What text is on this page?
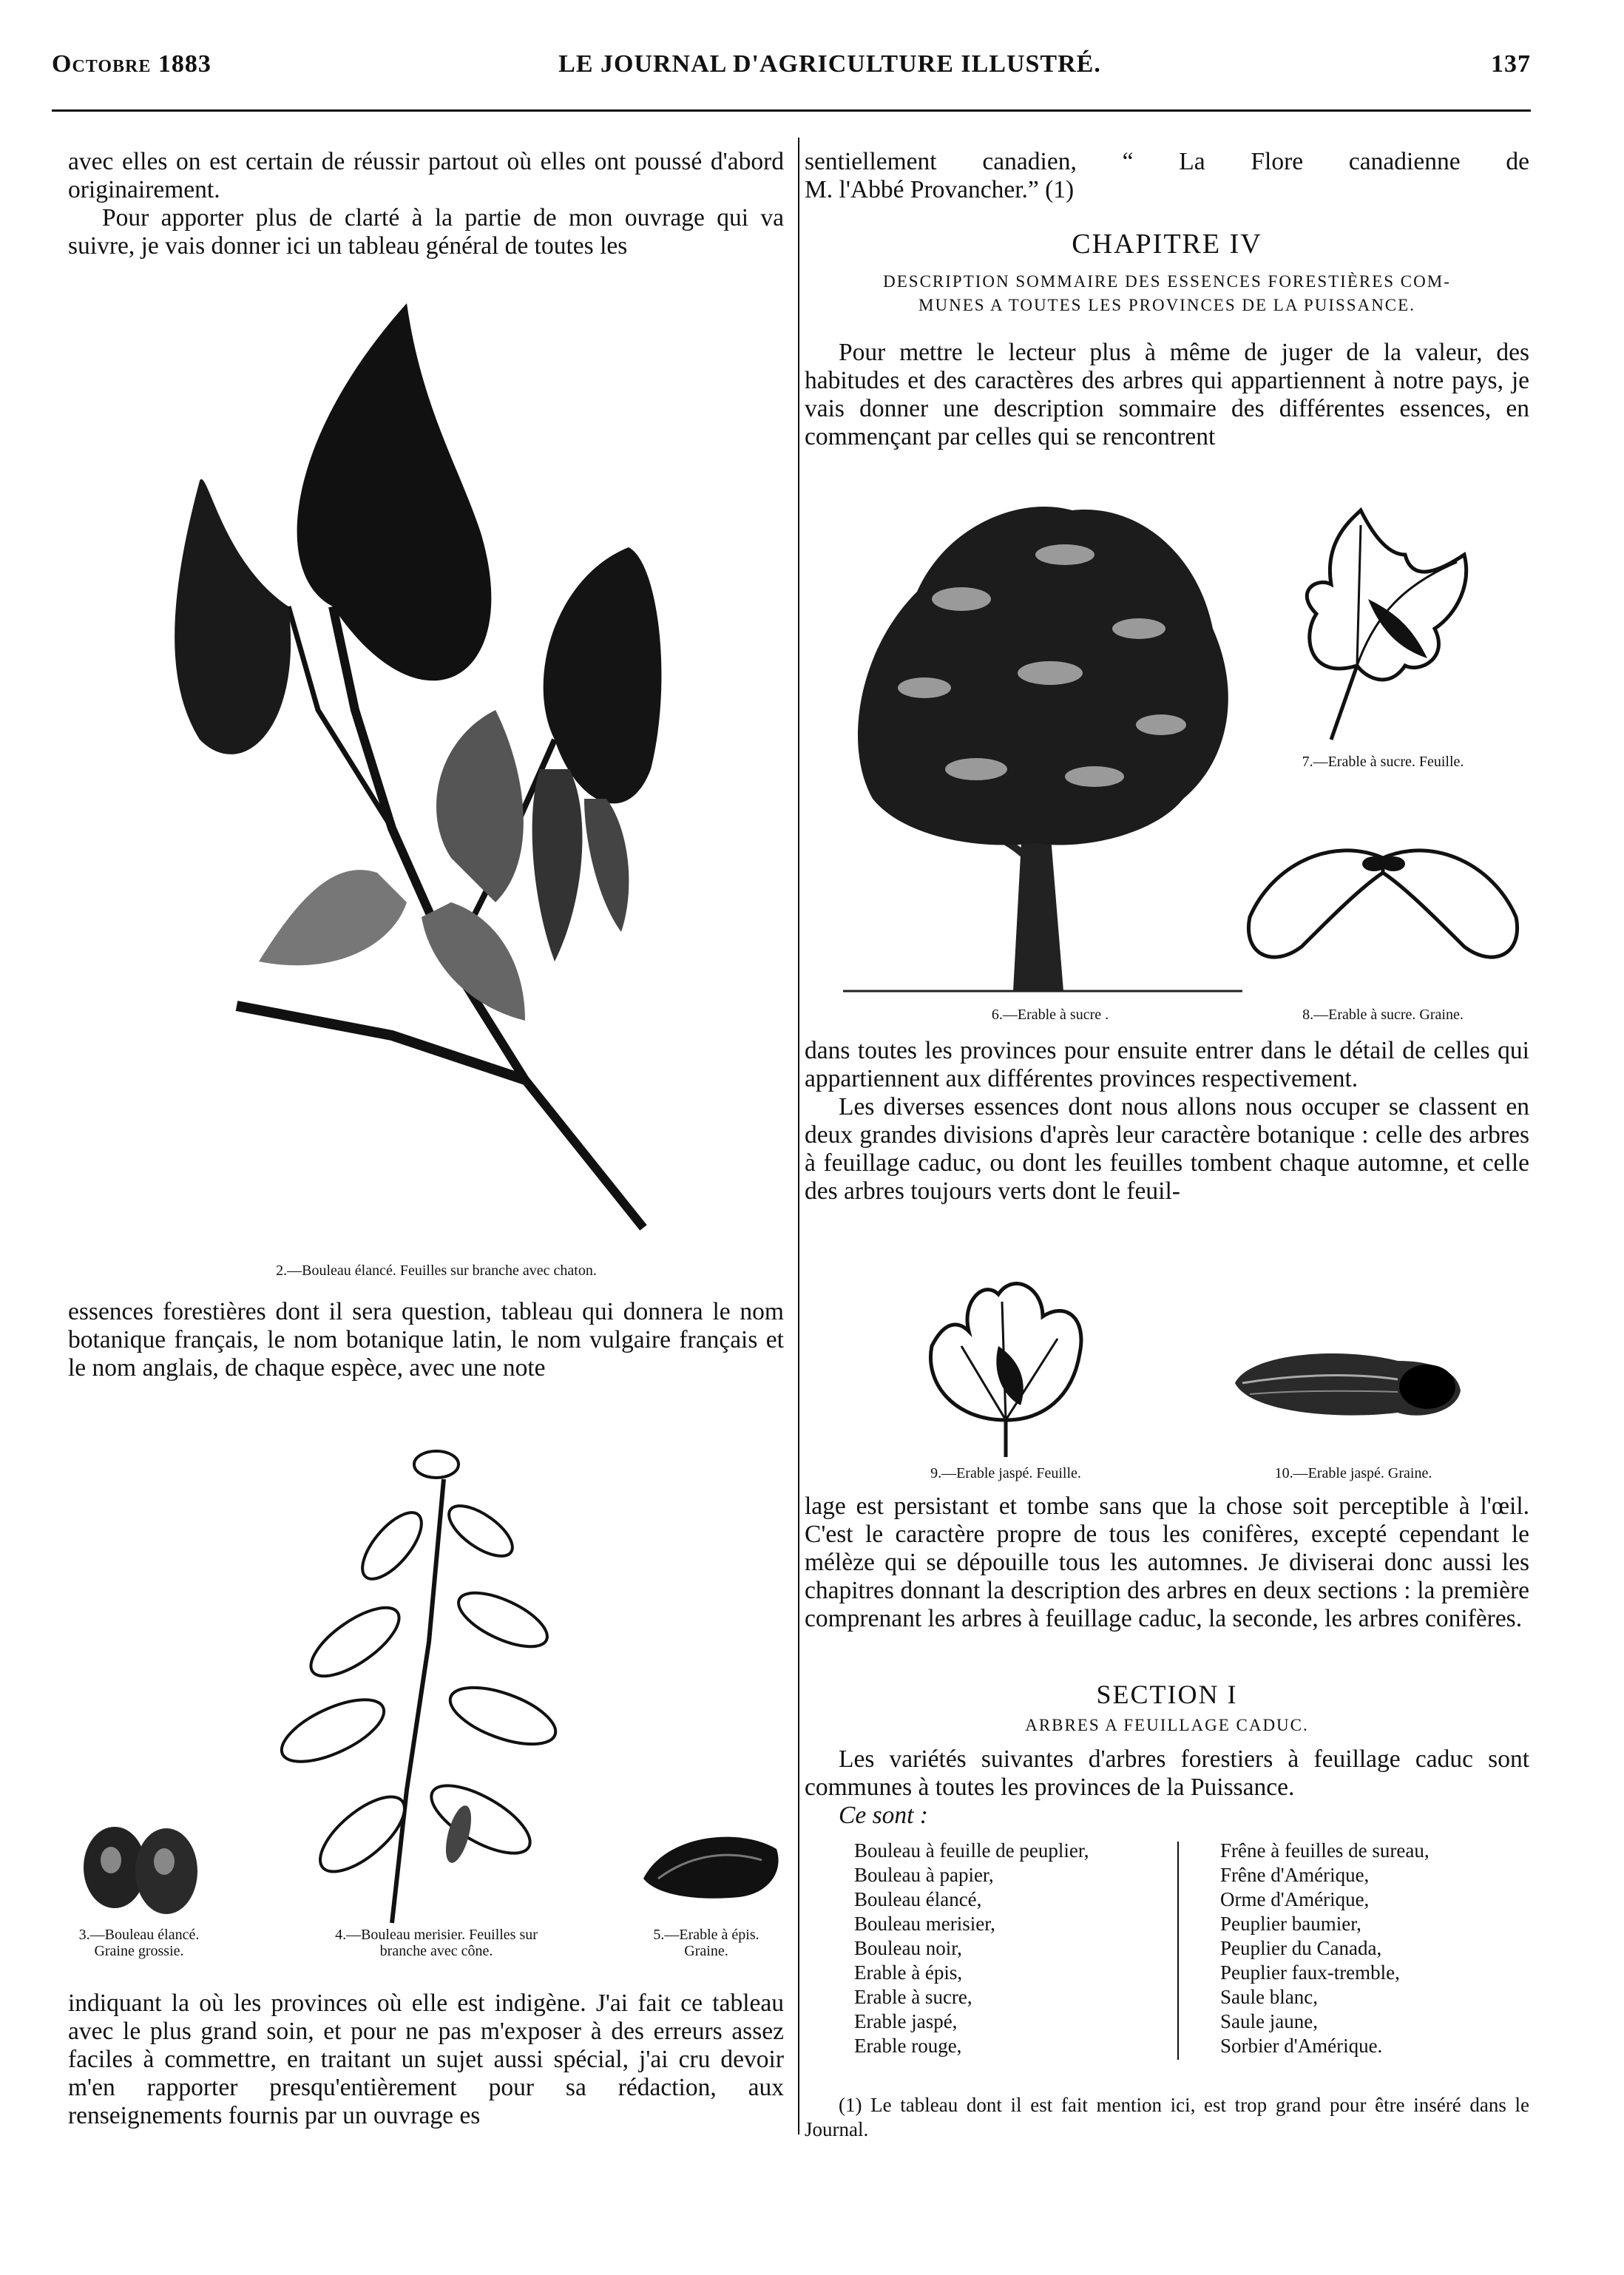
Octobre 1883	LE JOURNAL D'AGRICULTURE ILLUSTRÉ.	137

avec elles on est certain de réussir partout où elles ont poussé d'abord originairement.

Pour apporter plus de clarté à la partie de mon ouvrage qui va suivre, je vais donner ici un tableau général de toutes les

2.—Bouleau élancé. Feuilles sur branche avec chaton.

essences forestières dont il sera question, tableau qui donnera le nom botanique français, le nom botanique latin, le nom vulgaire français et le nom anglais, de chaque espèce, avec une note

3.—Bouleau élancé.
Graine grossie.
4.—Bouleau merisier. Feuilles sur
branche avec cône.
5.—Erable à épis.
Graine.

indiquant la où les provinces où elle est indigène. J'ai fait ce tableau avec le plus grand soin, et pour ne pas m'exposer à des erreurs assez faciles à commettre, en traitant un sujet aussi spécial, j'ai cru devoir m'en rapporter presqu'entièrement pour sa rédaction, aux renseignements fournis par un ouvrage es

sentiellement canadien, “ La Flore canadienne de

M. l'Abbé Provancher.” (1)

CHAPITRE IV
DESCRIPTION SOMMAIRE DES ESSENCES FORESTIÈRES COM-
MUNES A TOUTES LES PROVINCES DE LA PUISSANCE.

Pour mettre le lecteur plus à même de juger de la valeur, des habitudes et des caractères des arbres qui appartiennent à notre pays, je vais donner une description sommaire des différentes essences, en commençant par celles qui se rencontrent

6.—Erable à sucre .
7.—Erable à sucre. Feuille.
8.—Erable à sucre. Graine.

dans toutes les provinces pour ensuite entrer dans le détail de celles qui appartiennent aux différentes provinces respectivement.

Les diverses essences dont nous allons nous occuper se classent en deux grandes divisions d'après leur caractère botanique : celle des arbres à feuillage caduc, ou dont les feuilles tombent chaque automne, et celle des arbres toujours verts dont le feuil-

9.—Erable jaspé. Feuille.	10.—Erable jaspé. Graine.

lage est persistant et tombe sans que la chose soit perceptible à l'œil. C'est le caractère propre de tous les conifères, excepté cependant le mélèze qui se dépouille tous les automnes. Je diviserai donc aussi les chapitres donnant la description des arbres en deux sections : la première comprenant les arbres à feuillage caduc, la seconde, les arbres conifères.

SECTION I
ARBRES A FEUILLAGE CADUC.

Les variétés suivantes d'arbres forestiers à feuillage caduc sont communes à toutes les provinces de la Puissance.

Ce sont :

Bouleau à feuille de peuplier,
Bouleau à papier,
Bouleau élancé,
Bouleau merisier,
Bouleau noir,
Erable à épis,
Erable à sucre,
Erable jaspé,
Erable rouge,
Frêne à feuilles de sureau,
Frêne d'Amérique,
Orme d'Amérique,
Peuplier baumier,
Peuplier du Canada,
Peuplier faux-tremble,
Saule blanc,
Saule jaune,
Sorbier d'Amérique.

(1) Le tableau dont il est fait mention ici, est trop grand pour être inséré dans le Journal.
